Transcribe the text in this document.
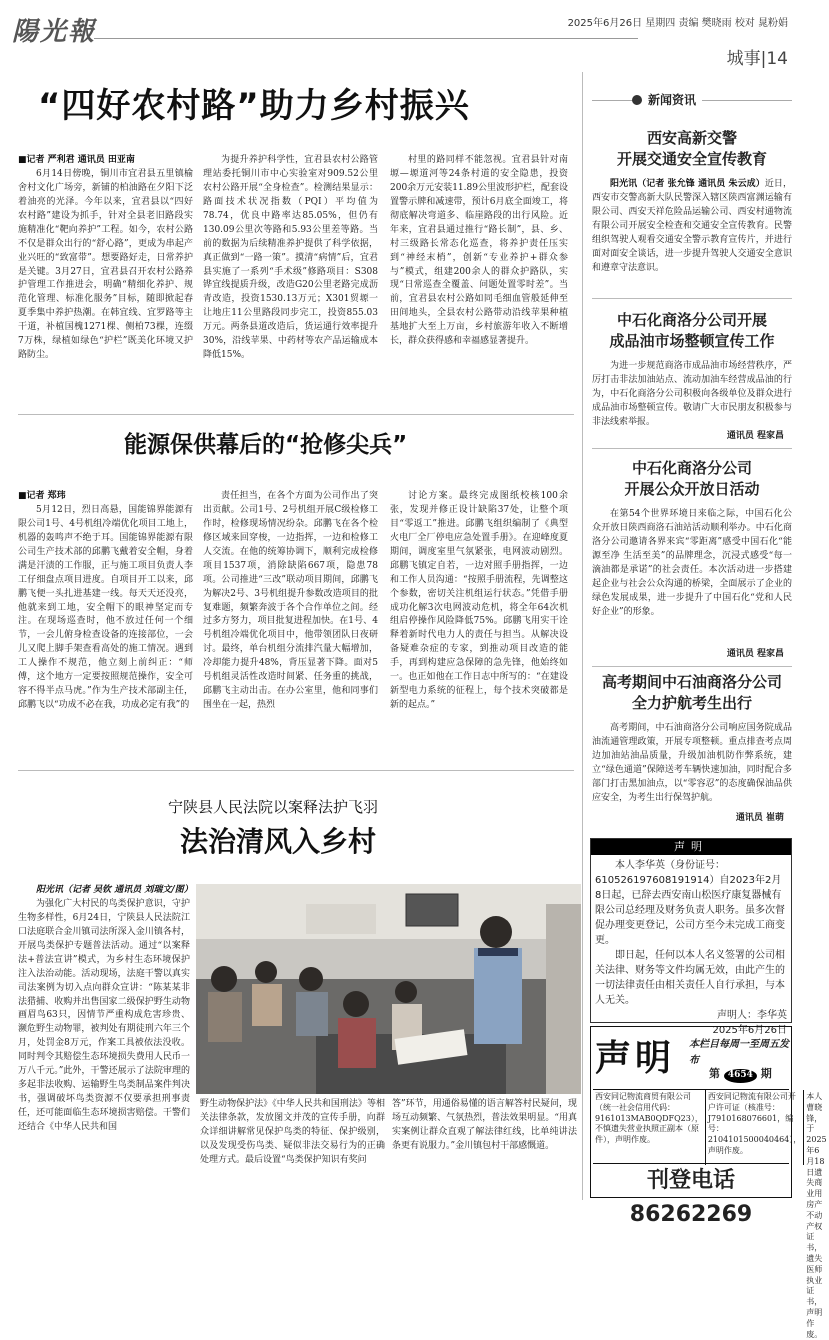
陽光報	2025年6月26日 星期四 责编 樊晓雨 校对 晁粉娟
城事|14
“四好农村路”助力乡村振兴

■记者 严利君 通讯员 田亚南

6月14日傍晚，铜川市宜君县五里镇榆舍村文化广场旁，新铺的柏油路在夕阳下泛着油亮的光泽。今年以来，宜君县以“四好农村路”建设为抓手，针对全县老旧路段实施精准化“靶向养护”工程。如今，农村公路不仅是群众出行的“舒心路”，更成为串起产业兴旺的“致富带”。想要路好走，日常养护是关键。3月27日，宜君县召开农村公路养护管理工作推进会，明确“精细化养护、规范化管理、标准化服务”目标，随即掀起春夏季集中养护热潮。在韩宜线、宜罗路等主干道，补植国槐1271棵、侧柏73棵，连缀7万株，绿植如绿色“护栏”既美化环境又护路防尘。

为提升养护科学性，宜君县农村公路管理站委托铜川市中心实验室对909.52公里农村公路开展“全身检查”。检测结果显示：路面技术状况指数（PQI）平均值为78.74，优良中路率达85.05%，但仍有130.09公里次等路和5.93公里差等路。当前的数据为后续精准养护提供了科学依据，真正做到“一路一策”。摸清“病情”后，宜君县实施了一系列“手术级”修路项目：S308铧宜线提质升级，改造G20公里老路完成沥青改造，投资1530.13万元；X301贸塬一让地庄11公里路段同步完工，投资855.03万元。两条县道改造后，货运通行效率提升30%，沿线苹果、中药材等农产品运输成本降低15%。

村里的路同样不能忽视。宜君县针对南塬—塬道河等24条村道的安全隐患，投资200余万元安装11.89公里波形护栏，配套设置警示牌和减速带，预计6月底全面竣工，将彻底解决弯道多、临崖路段的出行风险。近年来，宜君县通过推行“路长制”，县、乡、村三级路长常态化巡查，将养护责任压实到“神经末梢”，创新“专业养护+群众参与”模式，组建200余人的群众护路队，实现“日常巡查全覆盖、问题处置零时差”。当前，宜君县农村公路如同毛细血管般延伸至田间地头，全县农村公路带动沿线苹果种植基地扩大至上万亩，乡村旅游年收入不断增长，群众获得感和幸福感显著提升。

能源保供幕后的“抢修尖兵”

■记者 郑玮

5月12日，烈日高悬，国能锦界能源有限公司1号、4号机组冷端优化项目工地上，机器的轰鸣声不绝于耳。国能锦界能源有限公司生产技术部的邱鹏飞戴着安全帽，身着满是汗渍的工作服，正与施工项目负责人李工仔细盘点项目进度。自项目开工以来，邱鹏飞便一头扎进基建一线。每天天还没亮，他就来到工地，安全帽下的眼神坚定而专注。在现场巡查时，他不放过任何一个细节，一会儿俯身检查设备的连接部位，一会儿又爬上脚手架查看高处的施工情况。遇到工人操作不规范，他立刻上前纠正：“师傅，这个地方一定要按照规范操作，安全可容不得半点马虎。”作为生产技术部副主任，邱鹏飞以“功成不必在我，功成必定有我”的

责任担当，在各个方面为公司作出了突出贡献。公司1号、2号机组开展C级检修工作时，检修现场情况纷杂。邱鹏飞在各个检修区域来回穿梭，一边指挥，一边和检修工人交流。在他的统筹协调下，顺利完成检修项目1537项，消除缺陷667项，隐患78项。公司推进“三改”联动项目期间，邱鹏飞为解决2号、3号机组提升参数改造项目的批复难题，频繁奔波于各个合作单位之间。经过多方努力，项目批复进程加快。在1号、4号机组冷端优化项目中，他带领团队日夜研讨。最终，单台机组分流排汽量大幅增加，冷却能力提升48%，背压显著下降。面对5号机组灵活性改造时间紧、任务重的挑战，邱鹏飞主动出击。在办公室里，他和同事们围坐在一起，热烈

讨论方案。最终完成图纸校核100余张，发现并修正设计缺陷37处，让整个项目“零返工”推进。邱鹏飞组织编制了《典型火电厂全厂停电应急处置手册》。在迎峰度夏期间，调度室里气氛紧张，电网波动剧烈。邱鹏飞镇定自若，一边对照手册指挥，一边和工作人员沟通：“按照手册流程，先调整这个参数，密切关注机组运行状态。”凭借手册成功化解3次电网波动危机，将全年64次机组启停操作风险降低75%。邱鹏飞用实干诠释着新时代电力人的责任与担当。从解决设备疑难杂症的专家，到推动项目改造的能手，再到构建应急保障的急先锋，他始终如一。也正如他在工作日志中所写的：“在建设新型电力系统的征程上，每个技术突破都是新的起点。”

宁陕县人民法院以案释法护飞羽
法治清风入乡村

阳光讯（记者 吴钦 通讯员 刘瑞文/图）

为强化广大村民的鸟类保护意识，守护生物多样性，6月24日，宁陕县人民法院江口法庭联合金川镇司法所深入金川镇各村，开展鸟类保护专题普法活动。通过“以案释法+普法宣讲”模式，为乡村生态环境保护注入法治动能。活动现场，法庭干警以真实司法案例为切入点向群众宣讲：“陈某某非法猎捕、收购并出售国家二级保护野生动物画眉鸟63只，因情节严重构成危害珍贵、濒危野生动物罪，被判处有期徒刑六年三个月，处罚金8万元，作案工具被依法没收。同时判令其赔偿生态环境损失费用人民币一万八千元。”此外，干警还展示了法院审理的多起非法收购、运输野生鸟类制品案件判决书，强调破坏鸟类资源不仅要承担刑事责任，还可能面临生态环境损害赔偿。干警们还结合《中华人民共和国

野生动物保护法》《中华人民共和国刑法》等相关法律条款，发放图文并茂的宣传手册，向群众详细讲解常见保护鸟类的特征、保护级别，以及发现受伤鸟类、疑似非法交易行为的正确处理方式。最后设置“鸟类保护知识有奖问

答”环节，用通俗易懂的语言解答村民疑问，现场互动频繁、气氛热烈，普法效果明显。“用真实案例让群众直观了解法律红线，比单纯讲法条更有说服力。”金川镇包村干部感慨道。

新闻资讯
西安高新交警
开展交通安全宣传教育
阳光讯（记者 张允锋 通讯员 朱云成）近日，西安市交警高新大队民警深入辖区陕西富渊运输有限公司、西安天祥危险品运输公司、西安村通物流有限公司开展安全检查和交通安全宣传教育。民警组织驾驶人观看交通安全警示教育宣传片，并进行面对面安全谈话，进一步提升驾驶人交通安全意识和遵章守法意识。
中石化商洛分公司开展
成品油市场整顿宣传工作
为进一步规范商洛市成品油市场经营秩序，严厉打击非法加油站点、流动加油车经营成品油的行为，中石化商洛分公司积极向各级单位及群众进行成品油市场整顿宣传。敬请广大市民朋友积极参与非法线索举报。
通讯员 程家昌
中石化商洛分公司
开展公众开放日活动
在第54个世界环境日来临之际，中国石化公众开放日陕西商洛石油站活动顺利举办。中石化商洛分公司邀请各界来宾“零距离”感受中国石化“能源至净 生活至美”的品牌理念，沉浸式感受“每一滴油都是承诺”的社会责任。本次活动进一步搭建起企业与社会公众沟通的桥梁，全面展示了企业的绿色发展成果，进一步提升了中国石化“党和人民好企业”的形象。
通讯员 程家昌
高考期间中石油商洛分公司
全力护航考生出行
高考期间，中石油商洛分公司响应国务院成品油流通管理政策，开展专项整顿。重点排查考点周边加油站油品质量，升级加油机防作弊系统，建立“绿色通道”保障送考车辆快速加油，同时配合多部门打击黑加油点，以“零容忍”的态度确保油品供应安全，为考生出行保驾护航。
通讯员 崔萌
声明

本人李华英（身份证号：610526197608191914）自2023年2月8日起，已辞去西安南山松医疗康复器械有限公司总经理及财务负责人职务。虽多次督促办理变更登记，公司方至今未完成工商变更。

即日起，任何以本人名义签署的公司相关法律、财务等文件均属无效，由此产生的一切法律责任由相关责任人自行承担，与本人无关。

声明人：李华英

2025年6月26日

声明 本栏目每周一至周五发布
第 4654 期
西安同记物流商贸有限公司（统一社会信用代码：9161013MAB0QDFQ23），不慎遗失营业执照正副本（原件），声明作废。
西安同记物流有限公司开户许可证（核准号：J7910168076601，编号：2104101500040464），声明作废。
本人曹晓锋，于2025年6月18日遗失商业用房产不动产权证书，遗失医师执业证书，声明作废。
刊登电话 86262269
